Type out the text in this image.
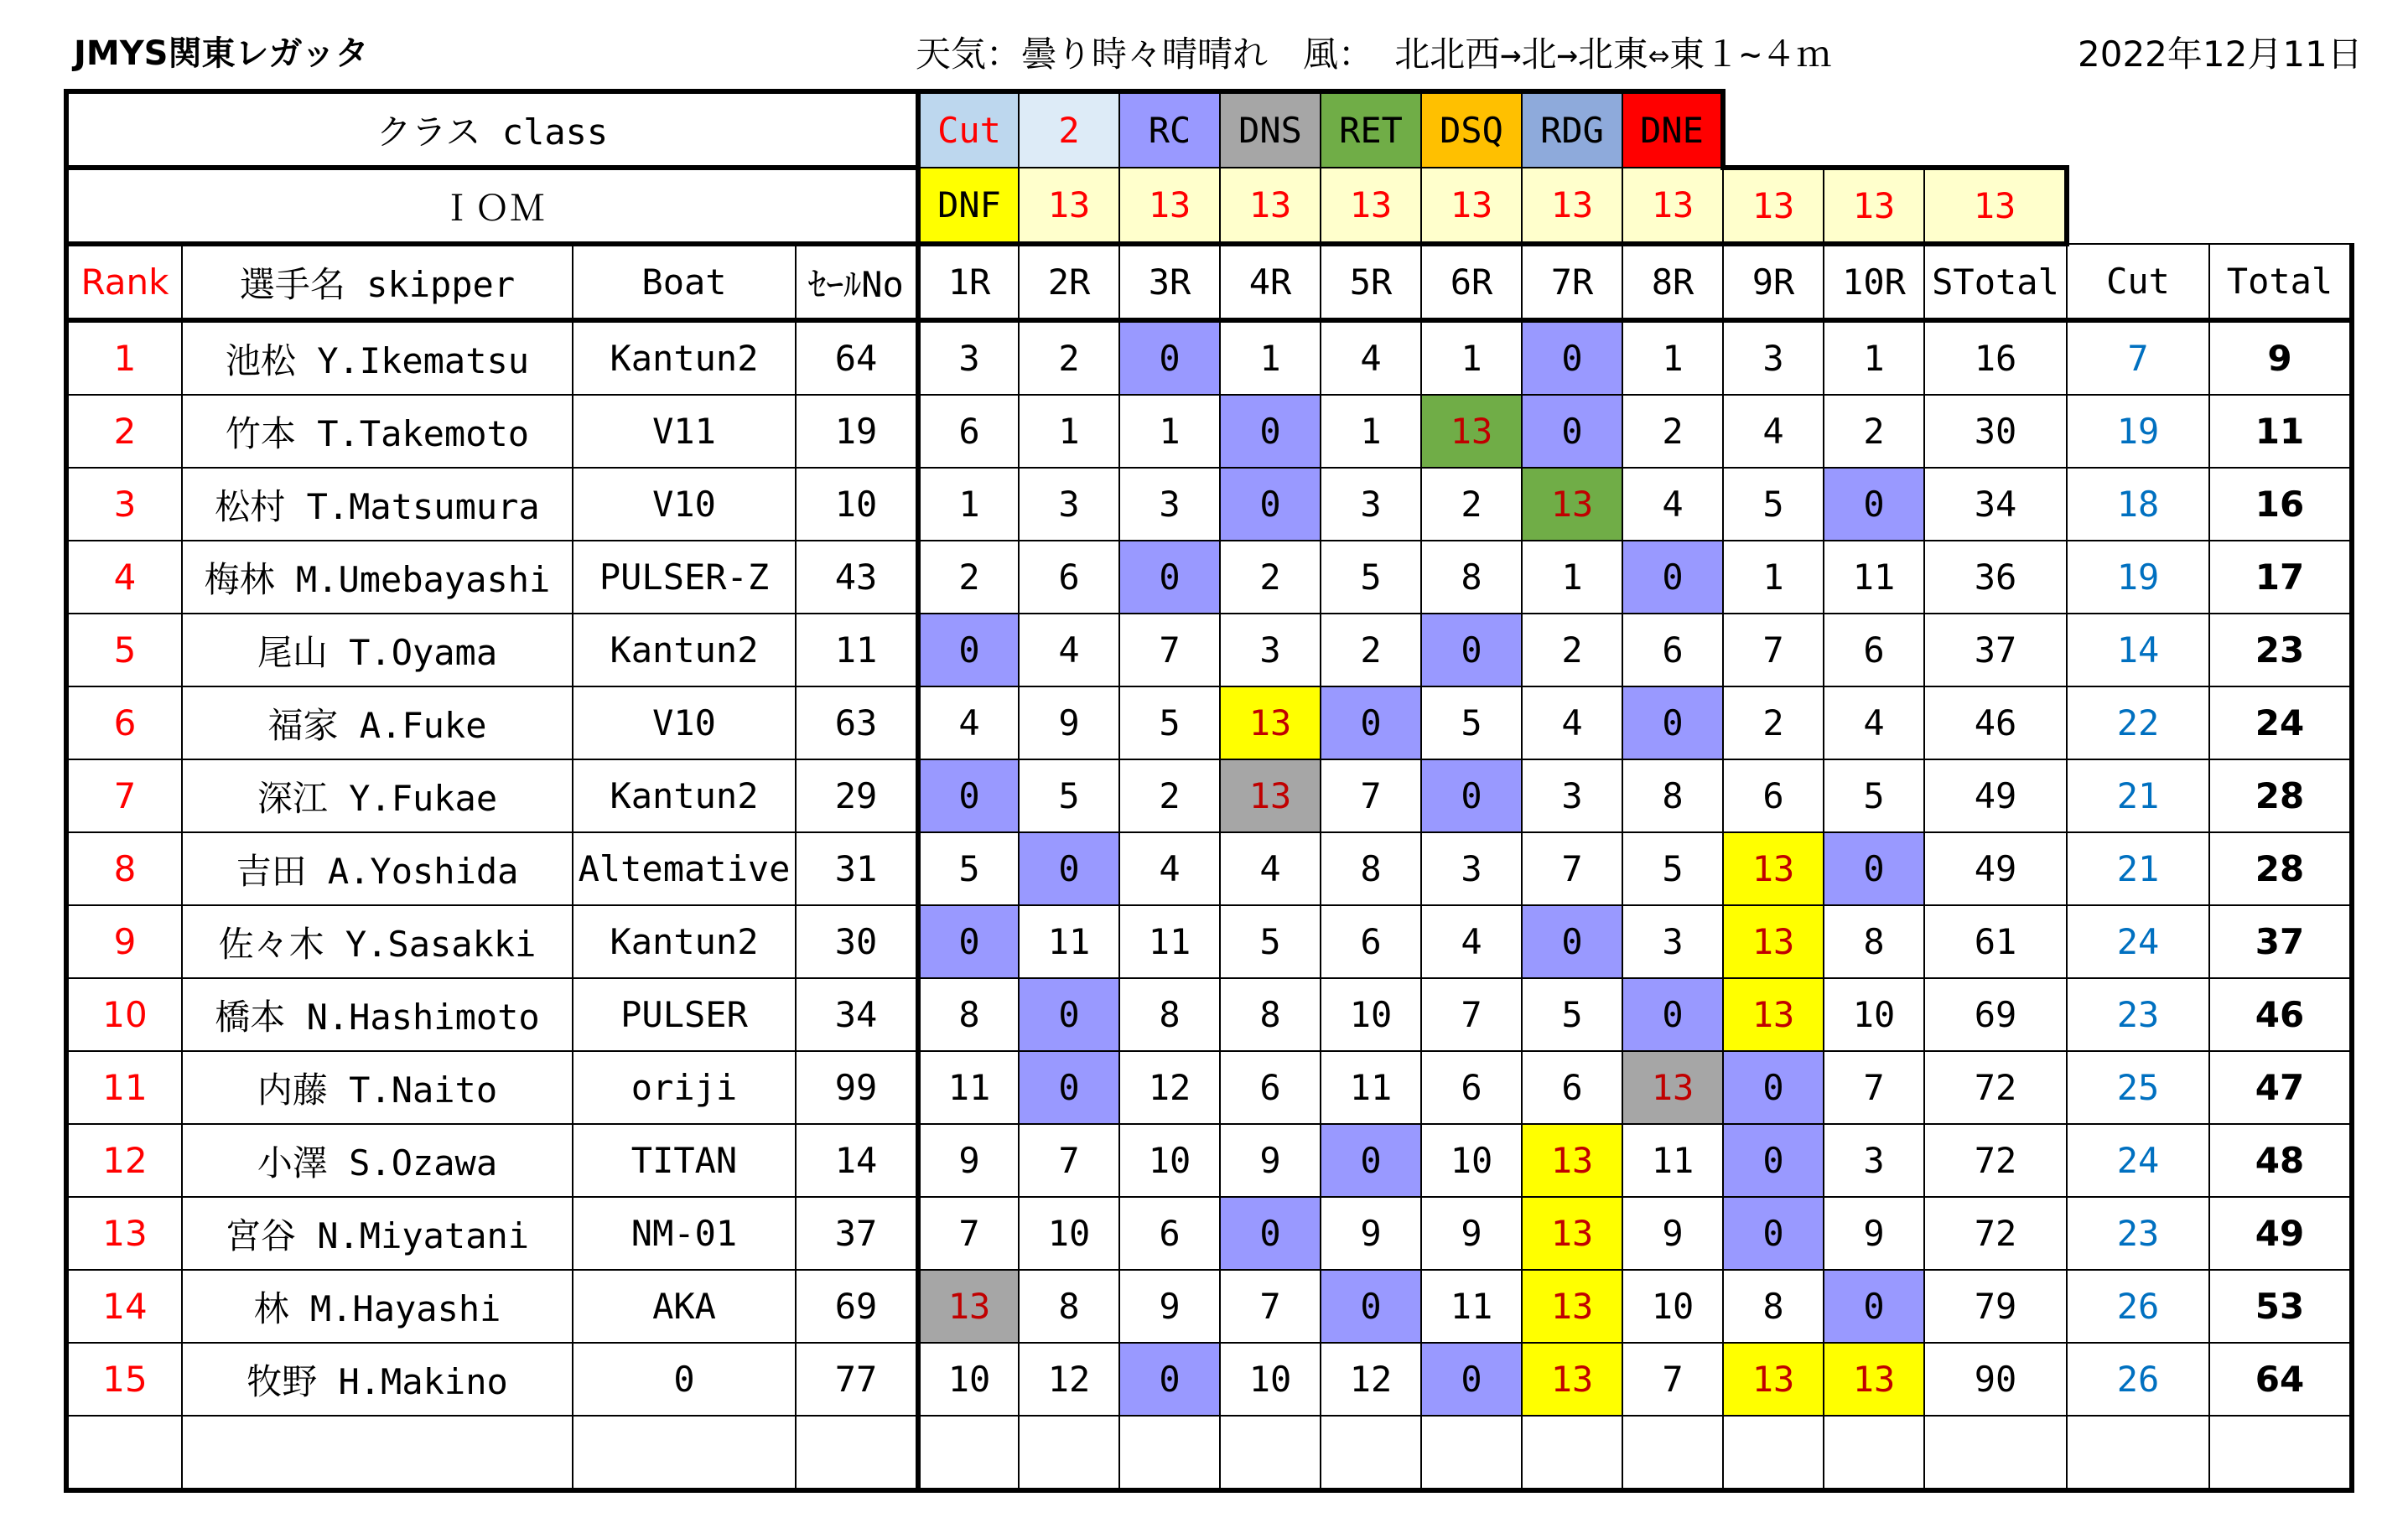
JMYS関東レガッタ	天気：曇り時々晴晴れ　風： 北北西→北→北東⇔東１~４ｍ	2022年12月11日
クラス class				Cut	2	RC	DNS	RET	DSQ	RDG	DNE						
ＩＯＭ				DNF	13	13	13	13	13	13	13	13	13	13			
Rank	選手名 skipper	Boat	ｾｰﾙNo	1R	2R	3R	4R	5R	6R	7R	8R	9R	10R	STotal	Cut	Total	
1	池松 Y.Ikematsu	Kantun2	64	3	2	0	1	4	1	0	1	3	1	16	7	9	
2	竹本 T.Takemoto	V11	19	6	1	1	0	1	13	0	2	4	2	30	19	11	
3	松村 T.Matsumura	V10	10	1	3	3	0	3	2	13	4	5	0	34	18	16	
4	梅林 M.Umebayashi	PULSER-Z	43	2	6	0	2	5	8	1	0	1	11	36	19	17	
5	尾山 T.Oyama	Kantun2	11	0	4	7	3	2	0	2	6	7	6	37	14	23	
6	福家 A.Fuke	V10	63	4	9	5	13	0	5	4	0	2	4	46	22	24	
7	深江 Y.Fukae	Kantun2	29	0	5	2	13	7	0	3	8	6	5	49	21	28	
8	吉田 A.Yoshida	Altemative	31	5	0	4	4	8	3	7	5	13	0	49	21	28	
9	佐々木 Y.Sasakki	Kantun2	30	0	11	11	5	6	4	0	3	13	8	61	24	37	
10	橋本 N.Hashimoto	PULSER	34	8	0	8	8	10	7	5	0	13	10	69	23	46	
11	内藤 T.Naito	oriji	99	11	0	12	6	11	6	6	13	0	7	72	25	47	
12	小澤 S.Ozawa	TITAN	14	9	7	10	9	0	10	13	11	0	3	72	24	48	
13	宮谷 N.Miyatani	NM-01	37	7	10	6	0	9	9	13	9	0	9	72	23	49	
14	林 M.Hayashi	AKA	69	13	8	9	7	0	11	13	10	8	0	79	26	53	
15	牧野 H.Makino	0	77	10	12	0	10	12	0	13	7	13	13	90	26	64	
